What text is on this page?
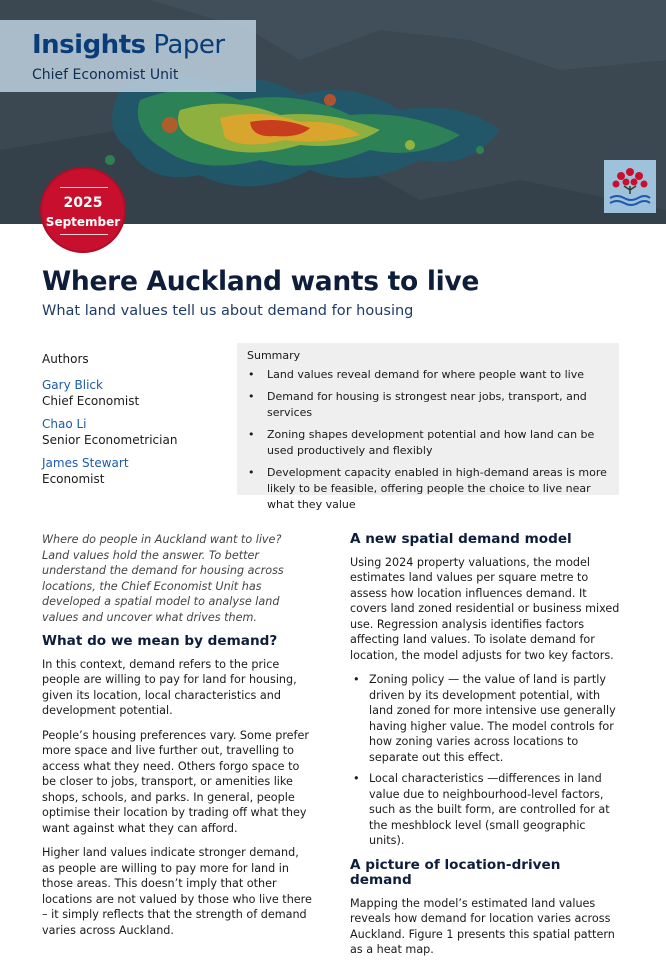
Insights Paper
Chief Economist Unit
2025
September
Where Auckland wants to live
What land values tell us about demand for housing
Authors
Gary Blick
Chief Economist
Chao Li
Senior Econometrician
James Stewart
Economist
Summary
• Land values reveal demand for where people want to live
• Demand for housing is strongest near jobs, transport, and services
• Zoning shapes development potential and how land can be used productively and flexibly
• Development capacity enabled in high-demand areas is more likely to be feasible, offering people the choice to live near what they value

Where do people in Auckland want to live? Land values hold the answer. To better understand the demand for housing across locations, the Chief Economist Unit has developed a spatial model to analyse land values and uncover what drives them.

What do we mean by demand?

In this context, demand refers to the price people are willing to pay for land for housing, given its location, local characteristics and development potential.

People’s housing preferences vary. Some prefer more space and live further out, travelling to access what they need. Others forgo space to be closer to jobs, transport, or amenities like shops, schools, and parks. In general, people optimise their location by trading off what they want against what they can afford.

Higher land values indicate stronger demand, as people are willing to pay more for land in those areas. This doesn’t imply that other locations are not valued by those who live there – it simply reflects that the strength of demand varies across Auckland.

A new spatial demand model

Using 2024 property valuations, the model estimates land values per square metre to assess how location influences demand. It covers land zoned residential or business mixed use. Regression analysis identifies factors affecting land values. To isolate demand for location, the model adjusts for two key factors.

• Zoning policy — the value of land is partly driven by its development potential, with land zoned for more intensive use generally having higher value. The model controls for how zoning varies across locations to separate out this effect.
• Local characteristics —differences in land value due to neighbourhood-level factors, such as the built form, are controlled for at the meshblock level (small geographic units).
A picture of location-driven demand

Mapping the model’s estimated land values reveals how demand for location varies across Auckland. Figure 1 presents this spatial pattern as a heat map.
